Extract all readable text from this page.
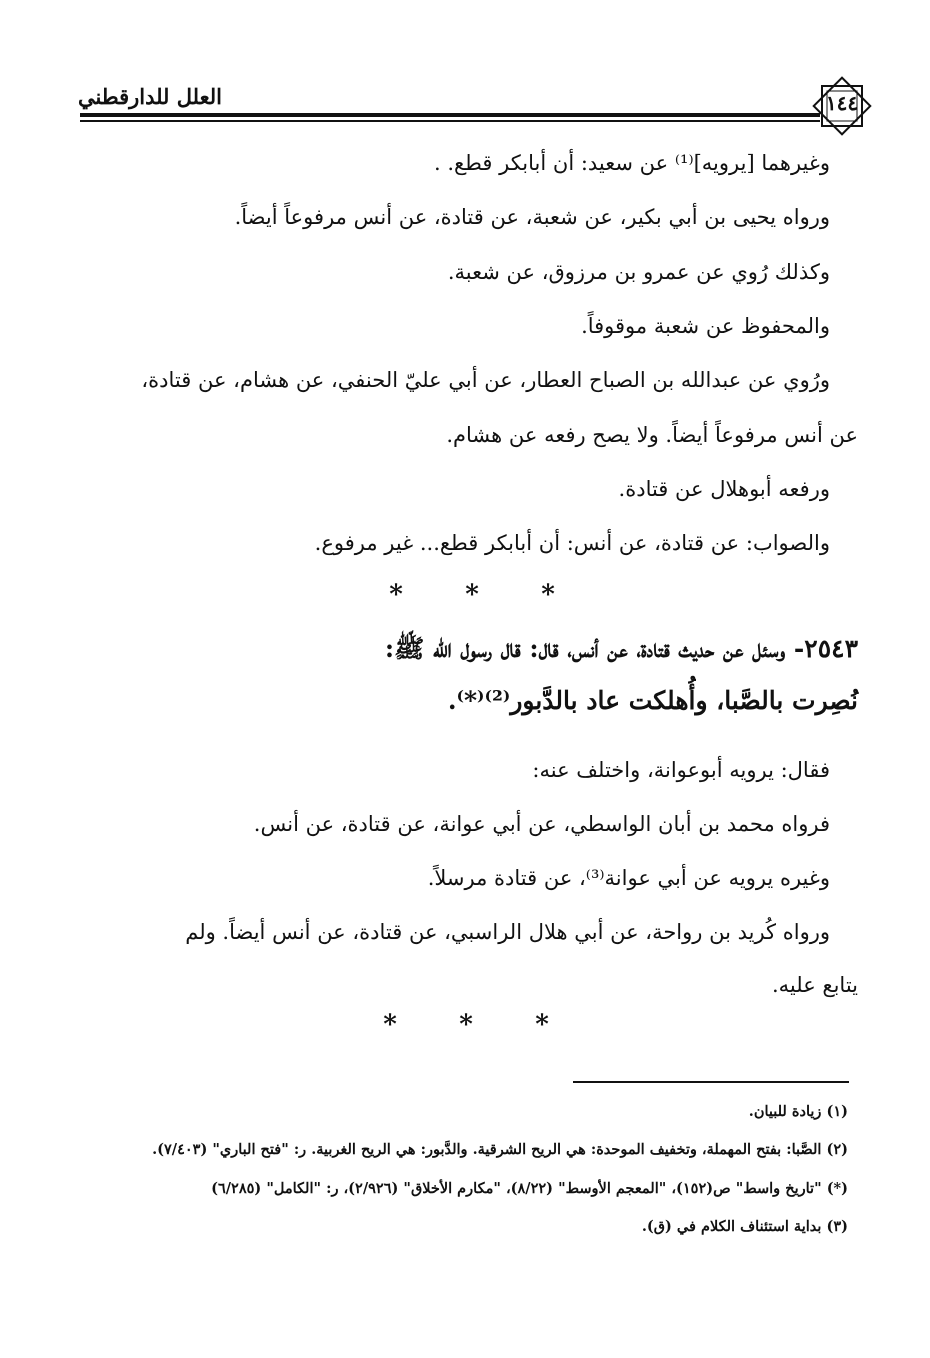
العلل للدارقطني	١٤٤
وغيرهما [يرويه]⁽¹⁾ عن سعيد: أن أبابكر قطع. .
ورواه يحيى بن أبي بكير، عن شعبة، عن قتادة، عن أنس مرفوعاً أيضاً.
وكذلك رُوي عن عمرو بن مرزوق، عن شعبة.
والمحفوظ عن شعبة موقوفاً.
ورُوي عن عبدالله بن الصباح العطار، عن أبي عليّ الحنفي، عن هشام، عن قتادة،
عن أنس مرفوعاً أيضاً. ولا يصح رفعه عن هشام.
ورفعه أبوهلال عن قتادة.
والصواب: عن قتادة، عن أنس: أن أبابكر قطع... غير مرفوع.
* * *
٢٥٤٣- وسئل عن حديث قتادة، عن أنس، قال: قال رسول الله ﷺ:
نُصِرت بالصَّبا، وأُهلكت عاد بالدَّبور⁽²⁾⁽*⁾.
فقال: يرويه أبوعوانة، واختلف عنه:
فرواه محمد بن أبان الواسطي، عن أبي عوانة، عن قتادة، عن أنس.
وغيره يرويه عن أبي عوانة⁽³⁾، عن قتادة مرسلاً.
ورواه كُريد بن رواحة، عن أبي هلال الراسبي، عن قتادة، عن أنس أيضاً. ولم
يتابع عليه.
* * *
(١) زيادة للبيان.
(٢) الصَّبا: بفتح المهملة، وتخفيف الموحدة: هي الريح الشرقية. والدَّبور: هي الريح الغربية. ر: "فتح الباري" (٧/٤٠٣).
(*) "تاريخ واسط" ص(١٥٢)، "المعجم الأوسط" (٨/٢٢)، "مكارم الأخلاق" (٢/٩٢٦)، ر: "الكامل" (٦/٢٨٥)
(٣) بداية استئناف الكلام في (ق).
